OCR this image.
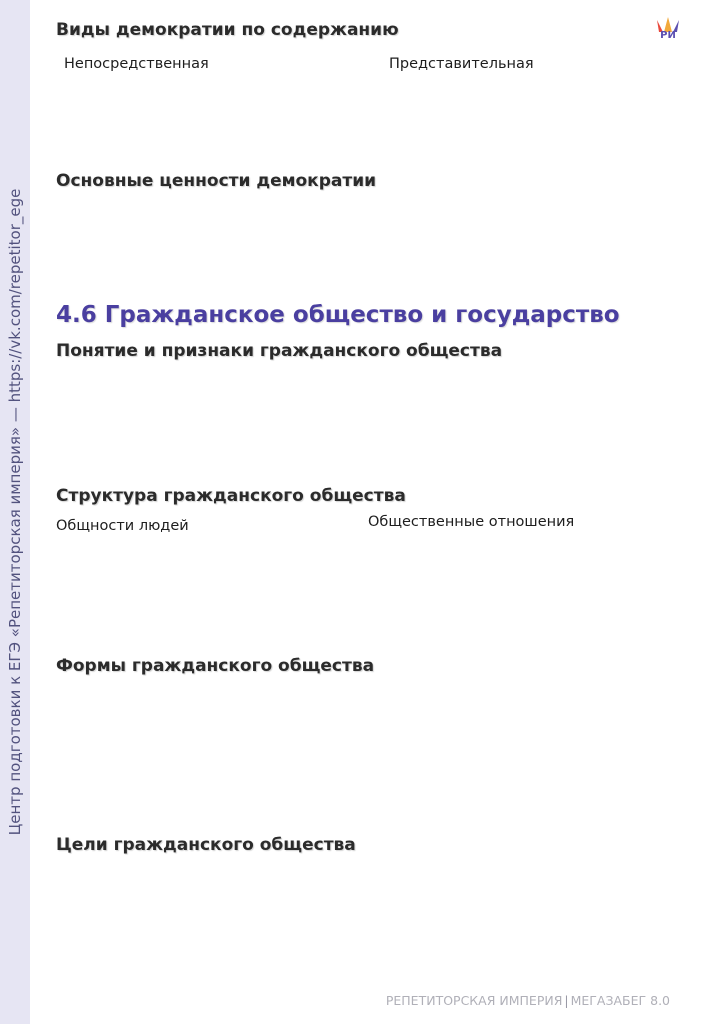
Центр подготовки к ЕГЭ «Репетиторская империя» — https://vk.com/repetitor_ege
РИ
Виды демократии по содержанию
Непосредственная	Представительная
Основные ценности демократии
4.6 Гражданское общество и государство
Понятие и признаки гражданского общества
Структура гражданского общества
Общности людей	Общественные отношения
Формы гражданского общества
Цели гражданского общества
РЕПЕТИТОРСКАЯ ИМПЕРИЯ | МЕГАЗАБЕГ 8.0
